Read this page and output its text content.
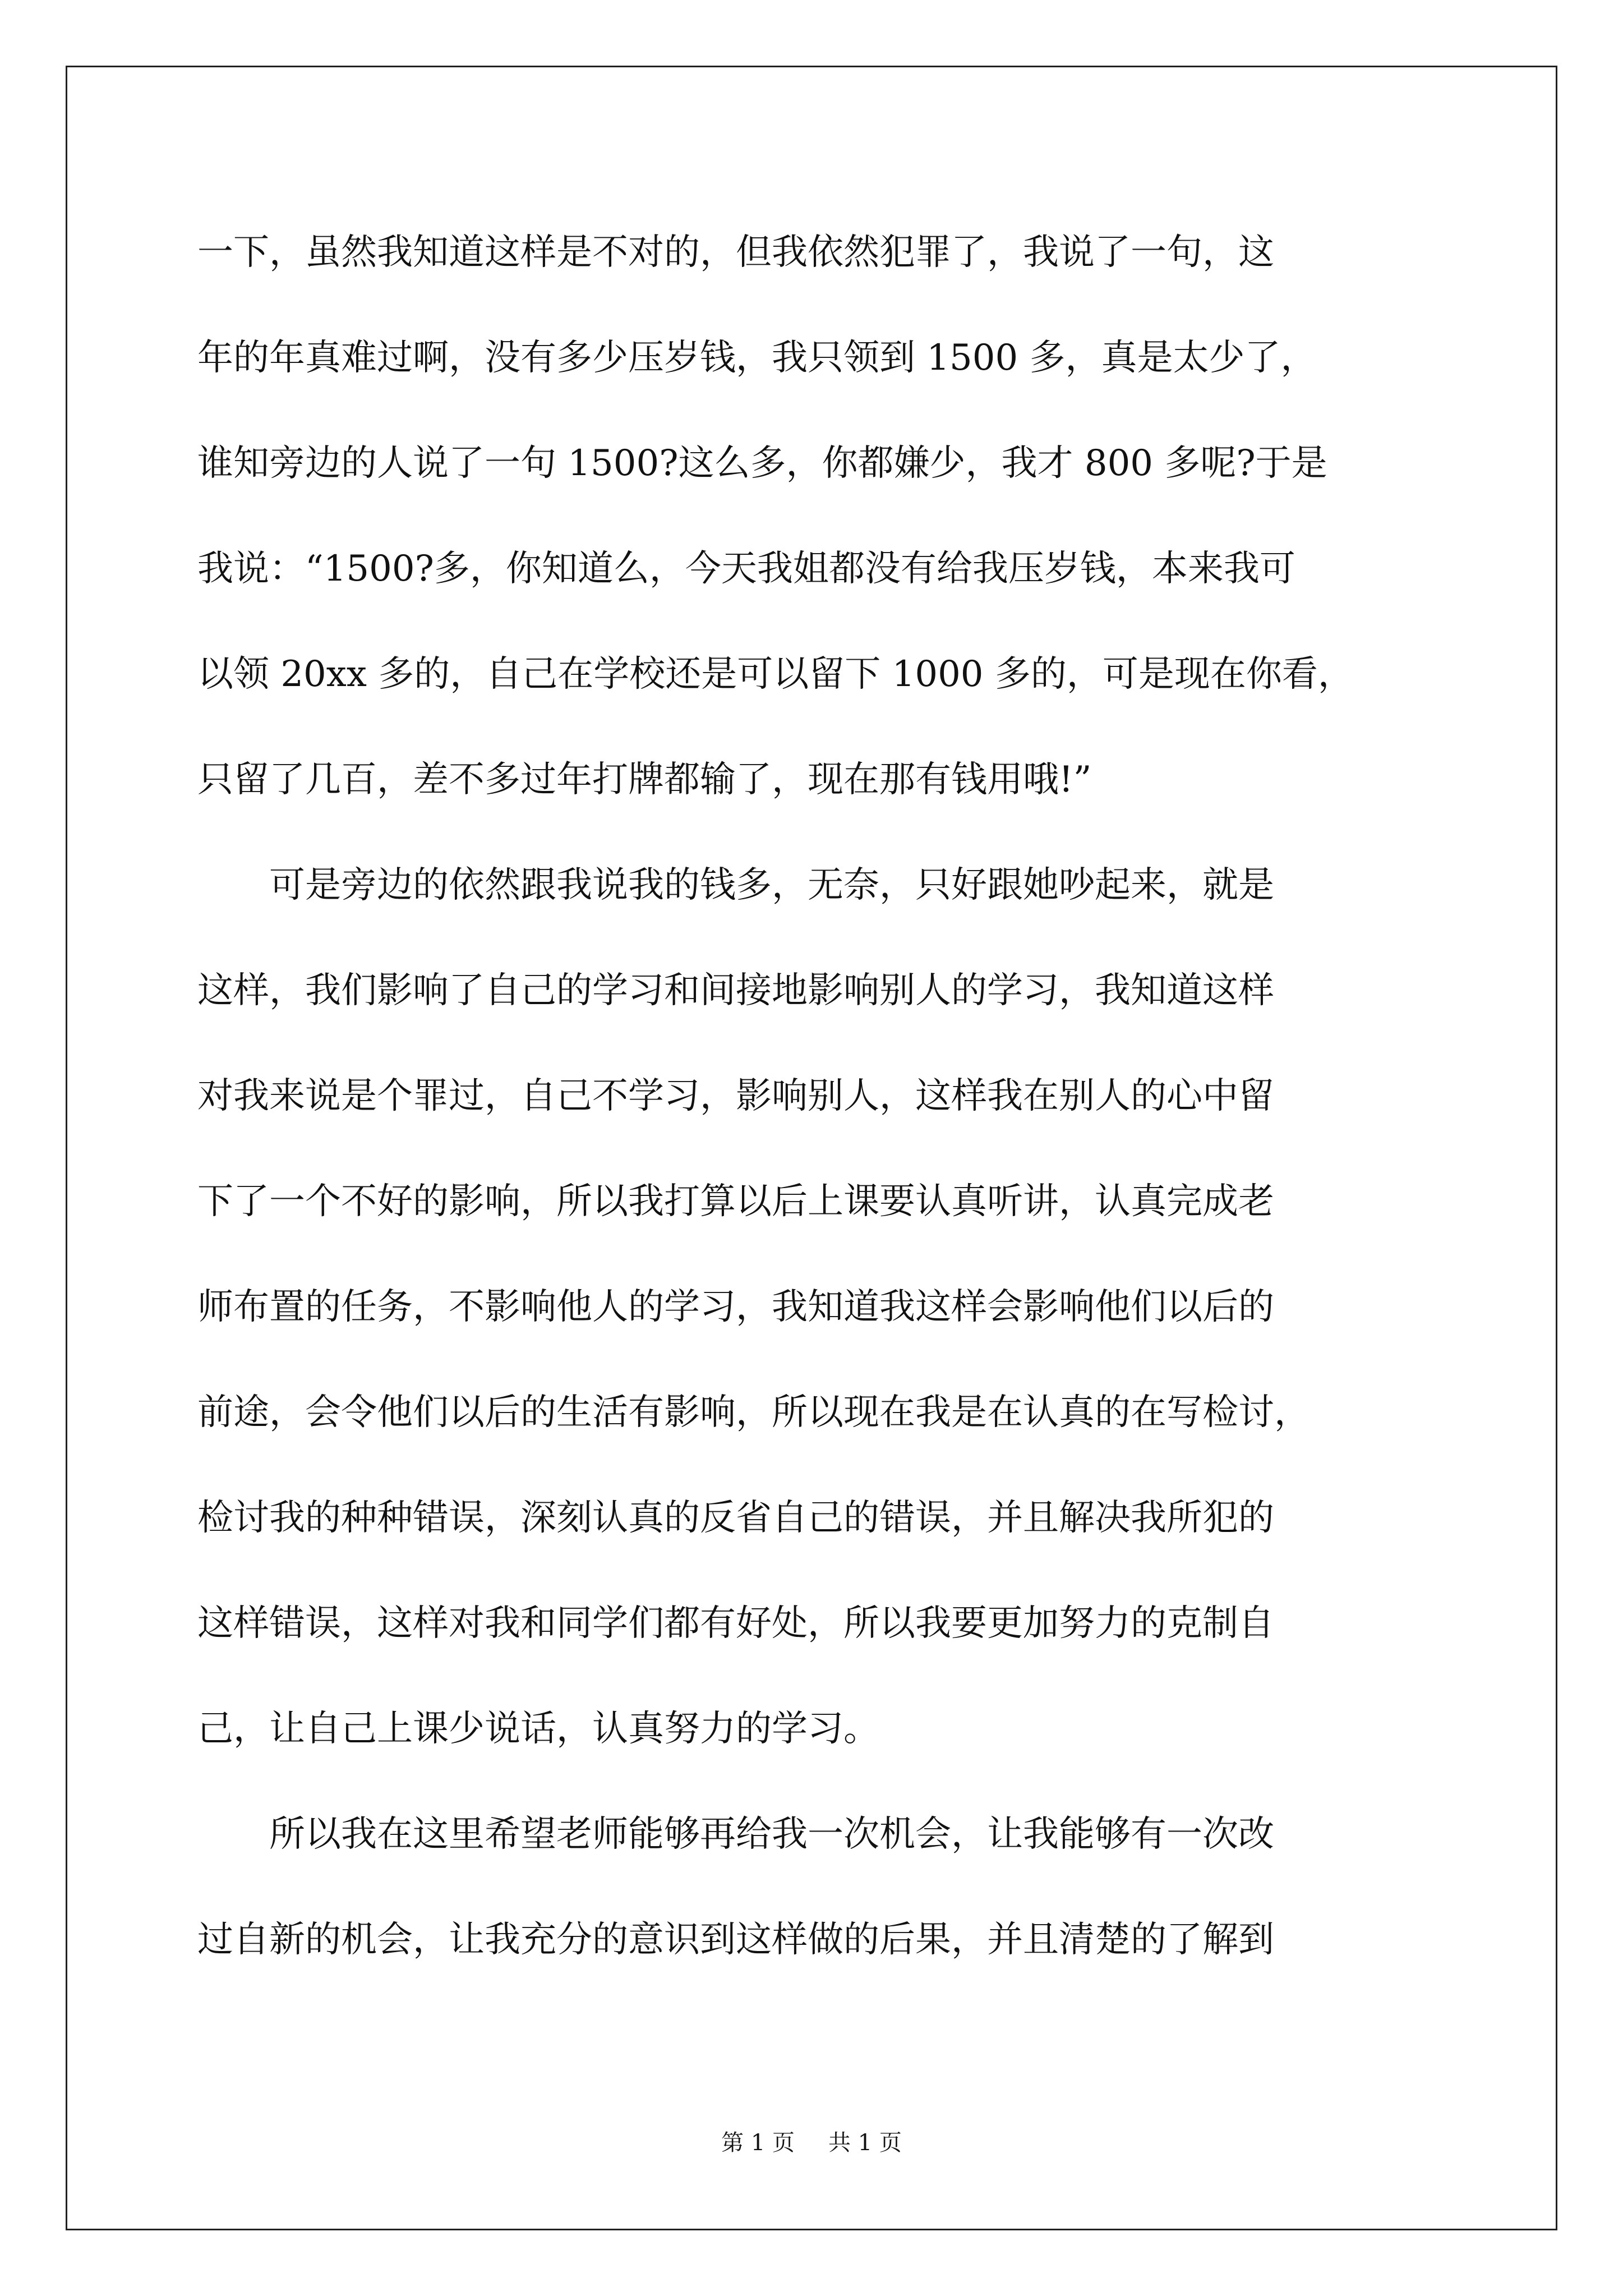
一下，虽然我知道这样是不对的，但我依然犯罪了，我说了一句，这
年的年真难过啊，没有多少压岁钱，我只领到 1500 多，真是太少了，
谁知旁边的人说了一句 1500?这么多，你都嫌少，我才 800 多呢?于是
我说：“1500?多，你知道么，今天我姐都没有给我压岁钱，本来我可
以领 20xx 多的，自己在学校还是可以留下 1000 多的，可是现在你看，
只留了几百，差不多过年打牌都输了，现在那有钱用哦!”
　　可是旁边的依然跟我说我的钱多，无奈，只好跟她吵起来，就是
这样，我们影响了自己的学习和间接地影响别人的学习，我知道这样
对我来说是个罪过，自己不学习，影响别人，这样我在别人的心中留
下了一个不好的影响，所以我打算以后上课要认真听讲，认真完成老
师布置的任务，不影响他人的学习，我知道我这样会影响他们以后的
前途，会令他们以后的生活有影响，所以现在我是在认真的在写检讨，
检讨我的种种错误，深刻认真的反省自己的错误，并且解决我所犯的
这样错误，这样对我和同学们都有好处，所以我要更加努力的克制自
己，让自己上课少说话，认真努力的学习。
　　所以我在这里希望老师能够再给我一次机会，让我能够有一次改
过自新的机会，让我充分的意识到这样做的后果，并且清楚的了解到
第 1 页 共 1 页
